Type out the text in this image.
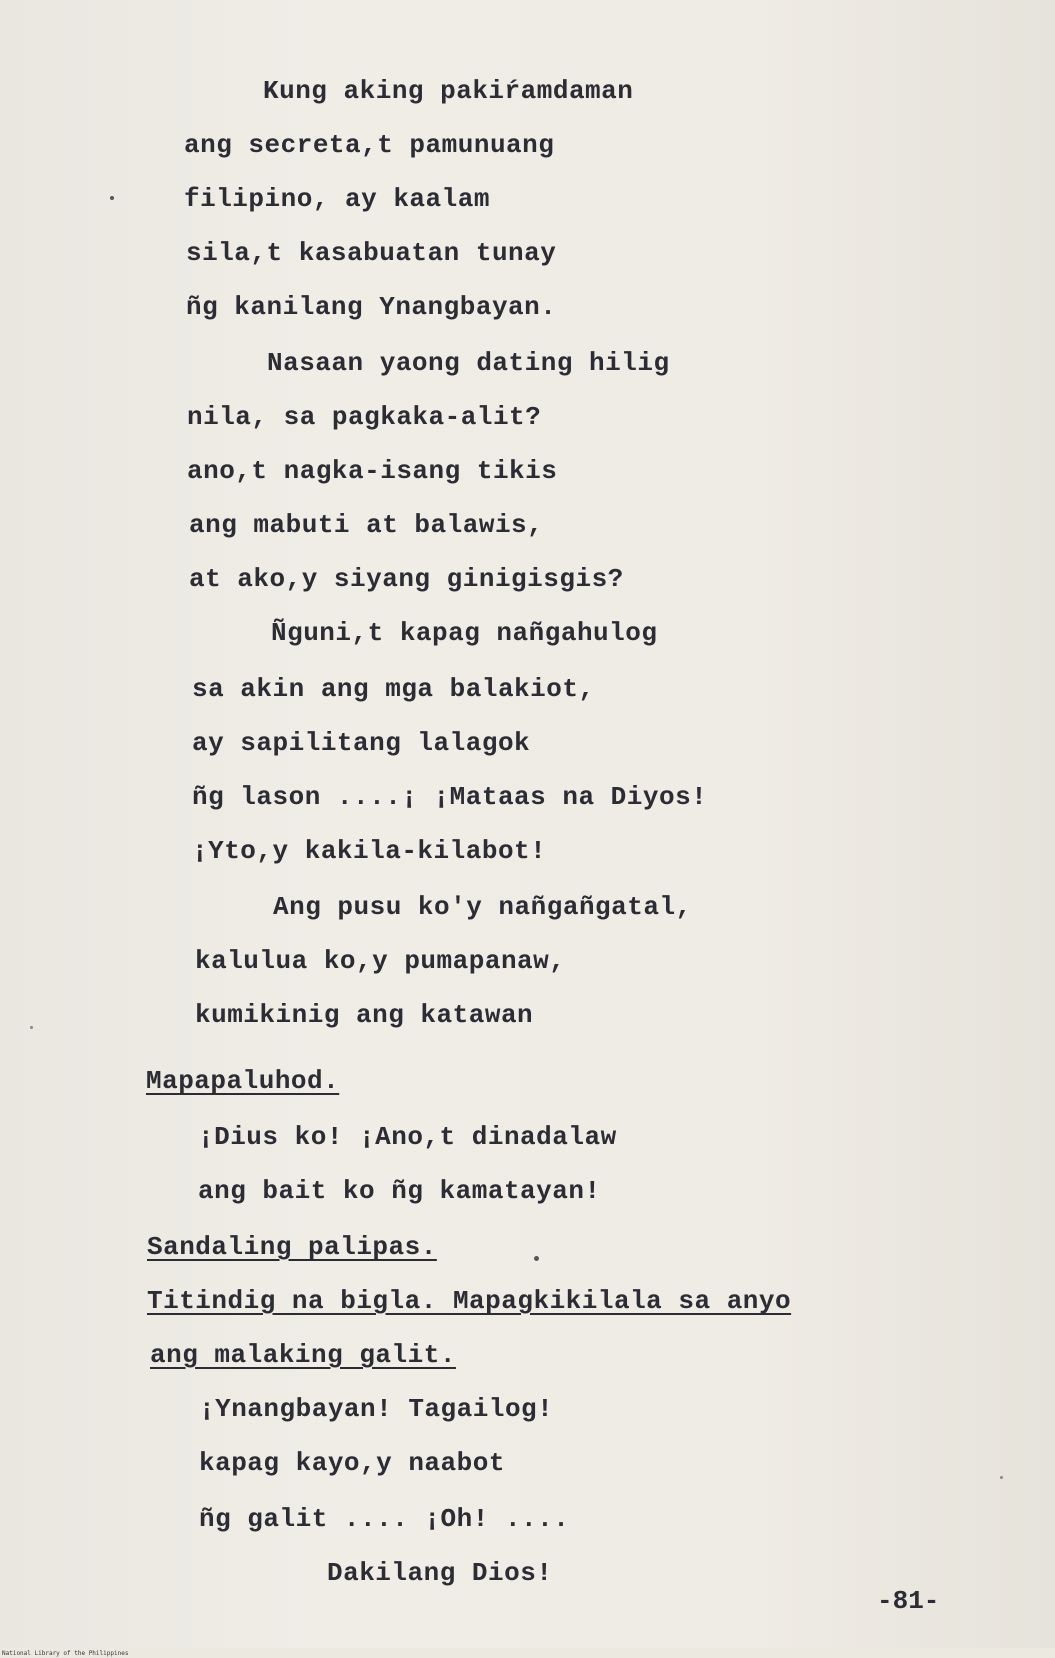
Kung aking pakiŕamdaman
ang secreta,t pamunuang
filipino, ay kaalam
sila,t kasabuatan tunay
ñg kanilang Ynangbayan.
Nasaan yaong dating hilig
nila, sa pagkaka-alit?
ano,t nagka-isang tikis
ang mabuti at balawis,
at ako,y siyang ginigisgis?
Ñguni,t kapag nañgahulog
sa akin ang mga balakiot,
ay sapilitang lalagok
ñg lason ....¡ ¡Mataas na Diyos!
¡Yto,y kakila-kilabot!
Ang pusu ko'y nañgañgatal,
kalulua ko,y pumapanaw,
kumikinig ang katawan
Mapapaluhod.
¡Dius ko! ¡Ano,t dinadalaw
ang bait ko ñg kamatayan!
Sandaling palipas.
Titindig na bigla. Mapagkikilala sa anyo
ang malaking galit.
¡Ynangbayan! Tagailog!
kapag kayo,y naabot
ñg galit .... ¡Oh! ....
Dakilang Dios!
-81-
National Library of the Philippines
